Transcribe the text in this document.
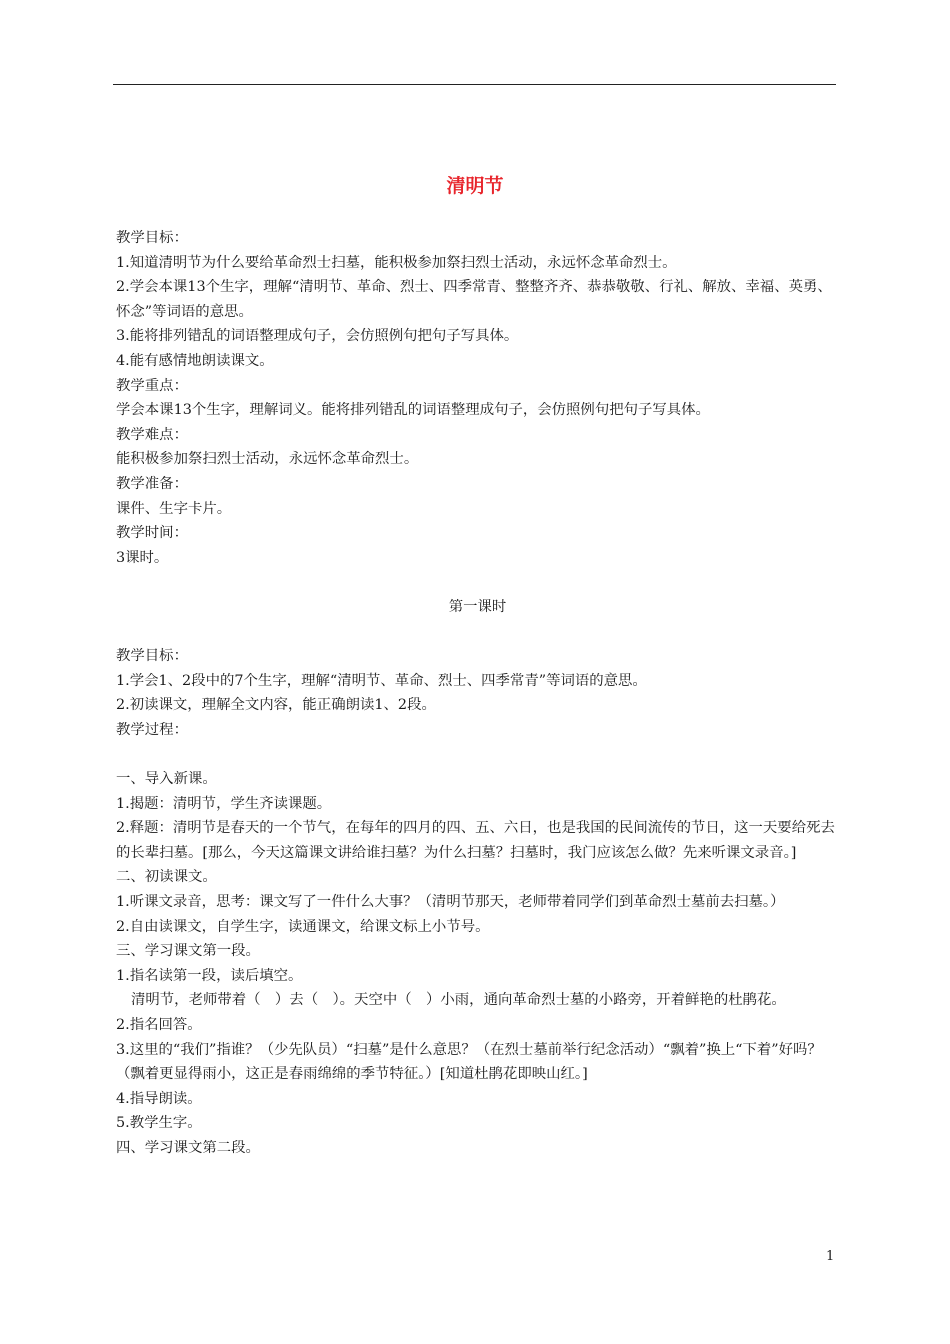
清明节

教学目标：

1.知道清明节为什么要给革命烈士扫墓，能积极参加祭扫烈士活动，永远怀念革命烈士。

2.学会本课13个生字，理解“清明节、革命、烈士、四季常青、整整齐齐、恭恭敬敬、行礼、解放、幸福、英勇、怀念”等词语的意思。

3.能将排列错乱的词语整理成句子，会仿照例句把句子写具体。

4.能有感情地朗读课文。

教学重点：

学会本课13个生字，理解词义。能将排列错乱的词语整理成句子，会仿照例句把句子写具体。

教学难点：

能积极参加祭扫烈士活动，永远怀念革命烈士。

教学准备：

课件、生字卡片。

教学时间：

3课时。

第一课时

教学目标：

1.学会1、2段中的7个生字，理解“清明节、革命、烈士、四季常青”等词语的意思。

2.初读课文，理解全文内容，能正确朗读1、2段。

教学过程：

一、导入新课。

1.揭题：清明节，学生齐读课题。

2.释题：清明节是春天的一个节气，在每年的四月的四、五、六日，也是我国的民间流传的节日，这一天要给死去的长辈扫墓。[那么，今天这篇课文讲给谁扫墓？为什么扫墓？扫墓时，我门应该怎么做？先来听课文录音。]

二、初读课文。

1.听课文录音，思考：课文写了一件什么大事？（清明节那天，老师带着同学们到革命烈士墓前去扫墓。）

2.自由读课文，自学生字，读通课文，给课文标上小节号。

三、学习课文第一段。

1.指名读第一段，读后填空。

清明节，老师带着（　）去（　）。天空中（　）小雨，通向革命烈士墓的小路旁，开着鲜艳的杜鹃花。

2.指名回答。

3.这里的“我们”指谁？（少先队员）“扫墓”是什么意思？（在烈士墓前举行纪念活动）“飘着”换上“下着”好吗？（飘着更显得雨小，这正是春雨绵绵的季节特征。）[知道杜鹃花即映山红。]

4.指导朗读。

5.教学生字。

四、学习课文第二段。

1
